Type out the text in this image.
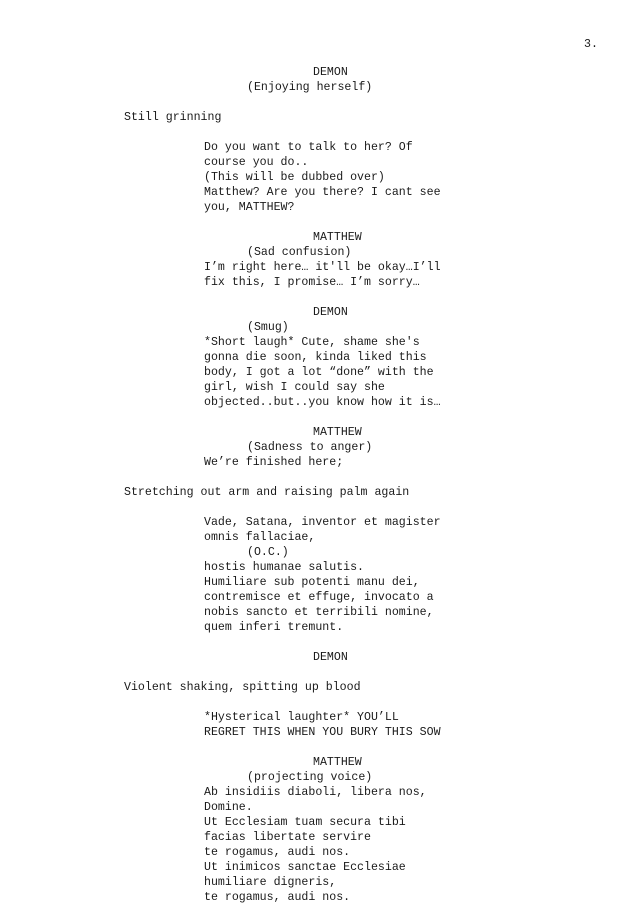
3.
DEMON
(Enjoying herself)
Still grinning
Do you want to talk to her? Of
course you do..
(This will be dubbed over)
Matthew? Are you there? I cant see
you, MATTHEW?
MATTHEW
(Sad confusion)
I’m right here… it'll be okay…I’ll
fix this, I promise… I’m sorry…
DEMON
(Smug)
*Short laugh* Cute, shame she's
gonna die soon, kinda liked this
body, I got a lot “done” with the
girl, wish I could say she
objected..but..you know how it is…
MATTHEW
(Sadness to anger)
We’re finished here;
Stretching out arm and raising palm again
Vade, Satana, inventor et magister
omnis fallaciae,
(O.C.)
hostis humanae salutis.
Humiliare sub potenti manu dei,
contremisce et effuge, invocato a
nobis sancto et terribili nomine,
quem inferi tremunt.
DEMON
Violent shaking, spitting up blood
*Hysterical laughter* YOU’LL
REGRET THIS WHEN YOU BURY THIS SOW
MATTHEW
(projecting voice)
Ab insidiis diaboli, libera nos,
Domine.
Ut Ecclesiam tuam secura tibi
facias libertate servire
te rogamus, audi nos.
Ut inimicos sanctae Ecclesiae
humiliare digneris,
te rogamus, audi nos.
